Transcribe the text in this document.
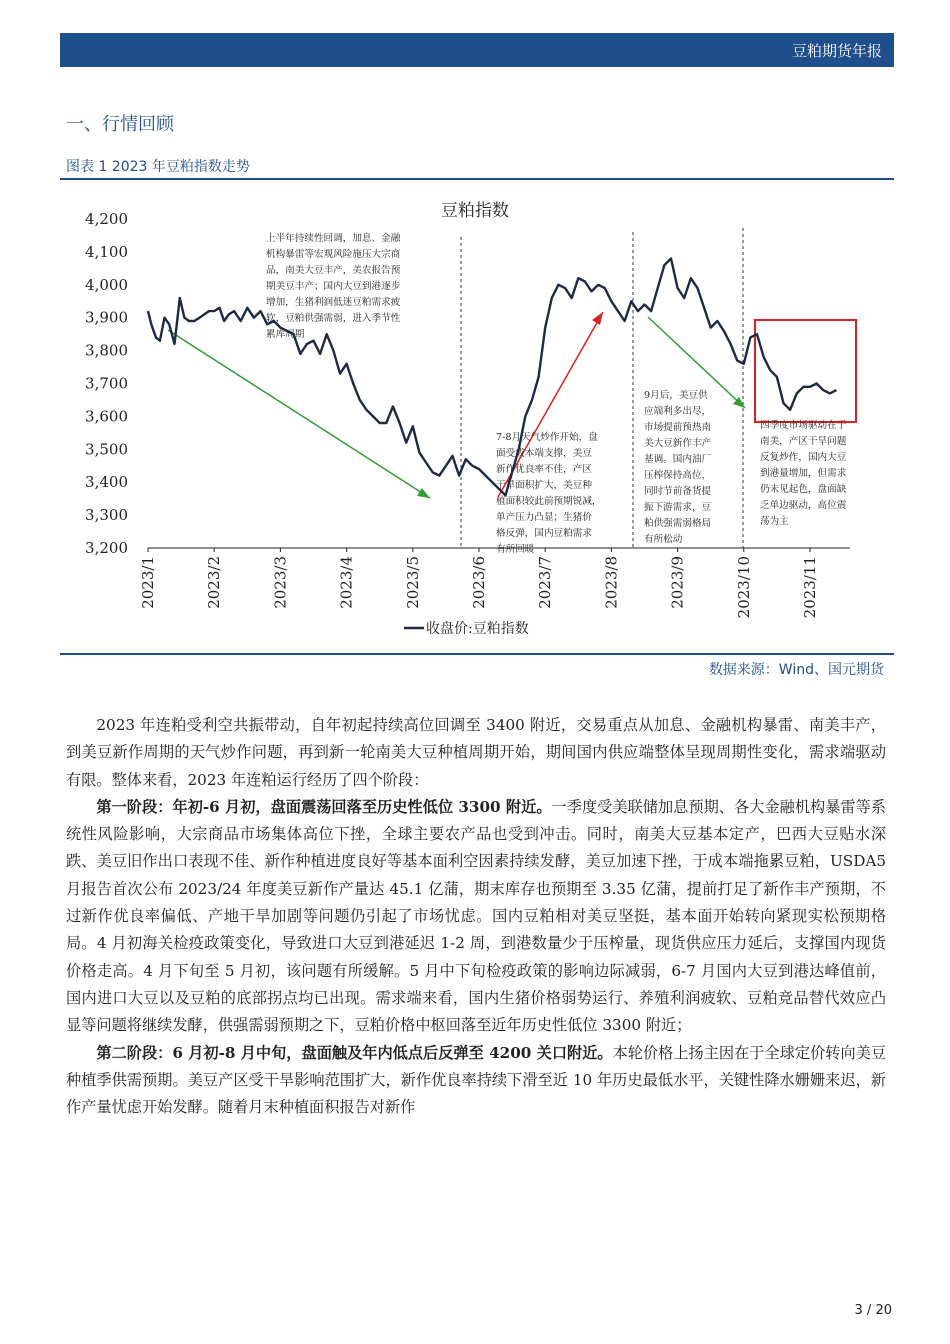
豆粕期货年报
一、行情回顾
图表 1 2023 年豆粕指数走势
豆粕指数
4,200
4,100
4,000
3,900
3,800
3,700
3,600
3,500
3,400
3,300
3,200
2023/1	2023/2	2023/3	2023/4	2023/5	2023/6	2023/7	2023/8	2023/9	2023/10	2023/11
上半年持续性回调，加息、金融 机构暴雷等宏观风险施压大宗商 品，南美大豆丰产，美农报告预 期美豆丰产；国内大豆到港逐步 增加，生猪利润低迷豆粕需求疲 软，豆粕供强需弱，进入季节性 累库周期
7-8月天气炒作开始，盘 面受成本端支撑，美豆 新作优良率不佳，产区 干旱面积扩大，美豆种 植面积较此前预期锐减， 单产压力凸显；生猪价 格反弹，国内豆粕需求 有所回暖
9月后，美豆供 应端利多出尽， 市场提前预热南 美大豆新作丰产 基调。国内油厂 压榨保持高位， 同时节前备货提 振下游需求，豆 粕供强需弱格局 有所松动
四季度市场驱动在于 南美，产区干旱问题 反复炒作，国内大豆 到港量增加，但需求 仍未见起色，盘面缺 乏单边驱动，高位震 荡为主
收盘价:豆粕指数
数据来源：Wind、国元期货

2023 年连粕受利空共振带动，自年初起持续高位回调至 3400 附近，交易重点从加息、金融机构暴雷、南美丰产，到美豆新作周期的天气炒作问题，再到新一轮南美大豆种植周期开始，期间国内供应端整体呈现周期性变化，需求端驱动有限。整体来看，2023 年连粕运行经历了四个阶段：

第一阶段：年初-6 月初，盘面震荡回落至历史性低位 3300 附近。一季度受美联储加息预期、各大金融机构暴雷等系统性风险影响，大宗商品市场集体高位下挫，全球主要农产品也受到冲击。同时，南美大豆基本定产，巴西大豆贴水深跌、美豆旧作出口表现不佳、新作种植进度良好等基本面利空因素持续发酵，美豆加速下挫，于成本端拖累豆粕，USDA5 月报告首次公布 2023/24 年度美豆新作产量达 45.1 亿蒲，期末库存也预期至 3.35 亿蒲，提前打足了新作丰产预期，不过新作优良率偏低、产地干旱加剧等问题仍引起了市场忧虑。国内豆粕相对美豆坚挺，基本面开始转向紧现实松预期格局。4 月初海关检疫政策变化，导致进口大豆到港延迟 1-2 周，到港数量少于压榨量，现货供应压力延后，支撑国内现货价格走高。4 月下旬至 5 月初，该问题有所缓解。5 月中下旬检疫政策的影响边际减弱，6-7 月国内大豆到港达峰值前，国内进口大豆以及豆粕的底部拐点均已出现。需求端来看，国内生猪价格弱势运行、养殖利润疲软、豆粕竞品替代效应凸显等问题将继续发酵，供强需弱预期之下，豆粕价格中枢回落至近年历史性低位 3300 附近；

第二阶段：6 月初-8 月中旬，盘面触及年内低点后反弹至 4200 关口附近。本轮价格上扬主因在于全球定价转向美豆种植季供需预期。美豆产区受干旱影响范围扩大，新作优良率持续下滑至近 10 年历史最低水平，关键性降水姗姗来迟，新作产量忧虑开始发酵。随着月末种植面积报告对新作

3 / 20
